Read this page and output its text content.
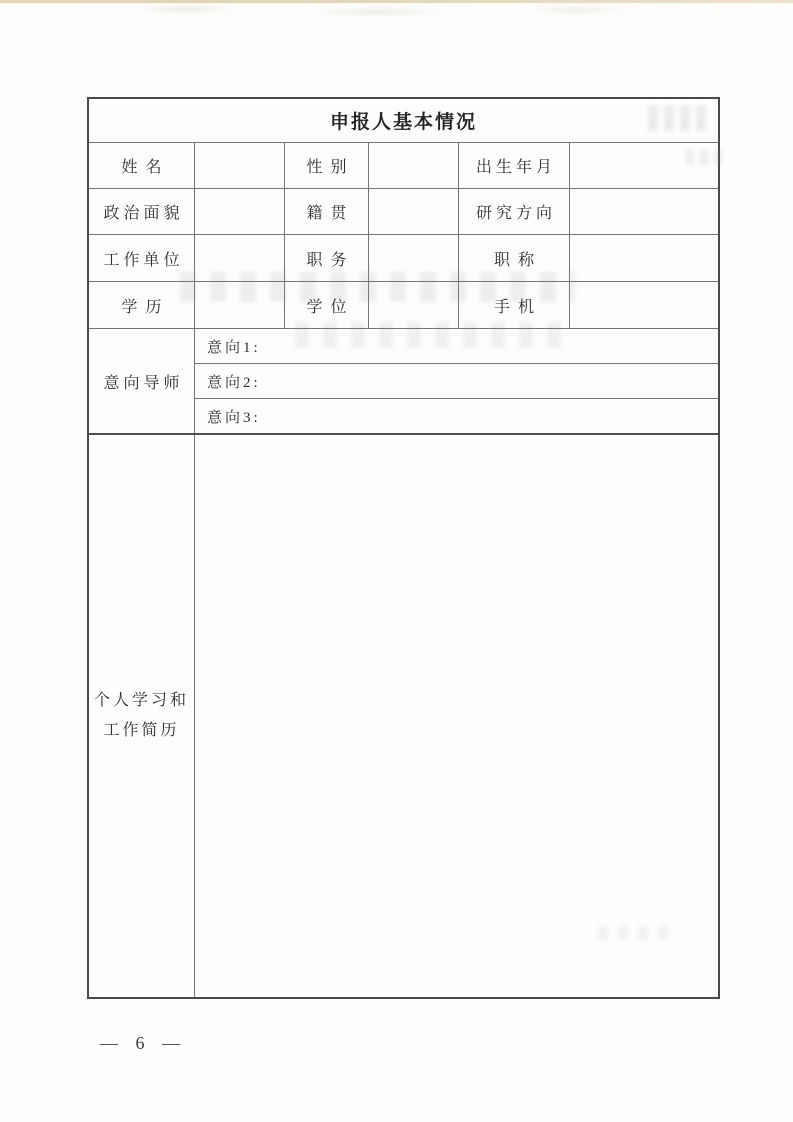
申报人基本情况
姓名	性别	出生年月
政治面貌	籍贯	研究方向
工作单位	职务	职称
学历	学位	手机
意向导师
意向1:
意向2:
意向3:
个人学习和
工作简历
— 6 —
